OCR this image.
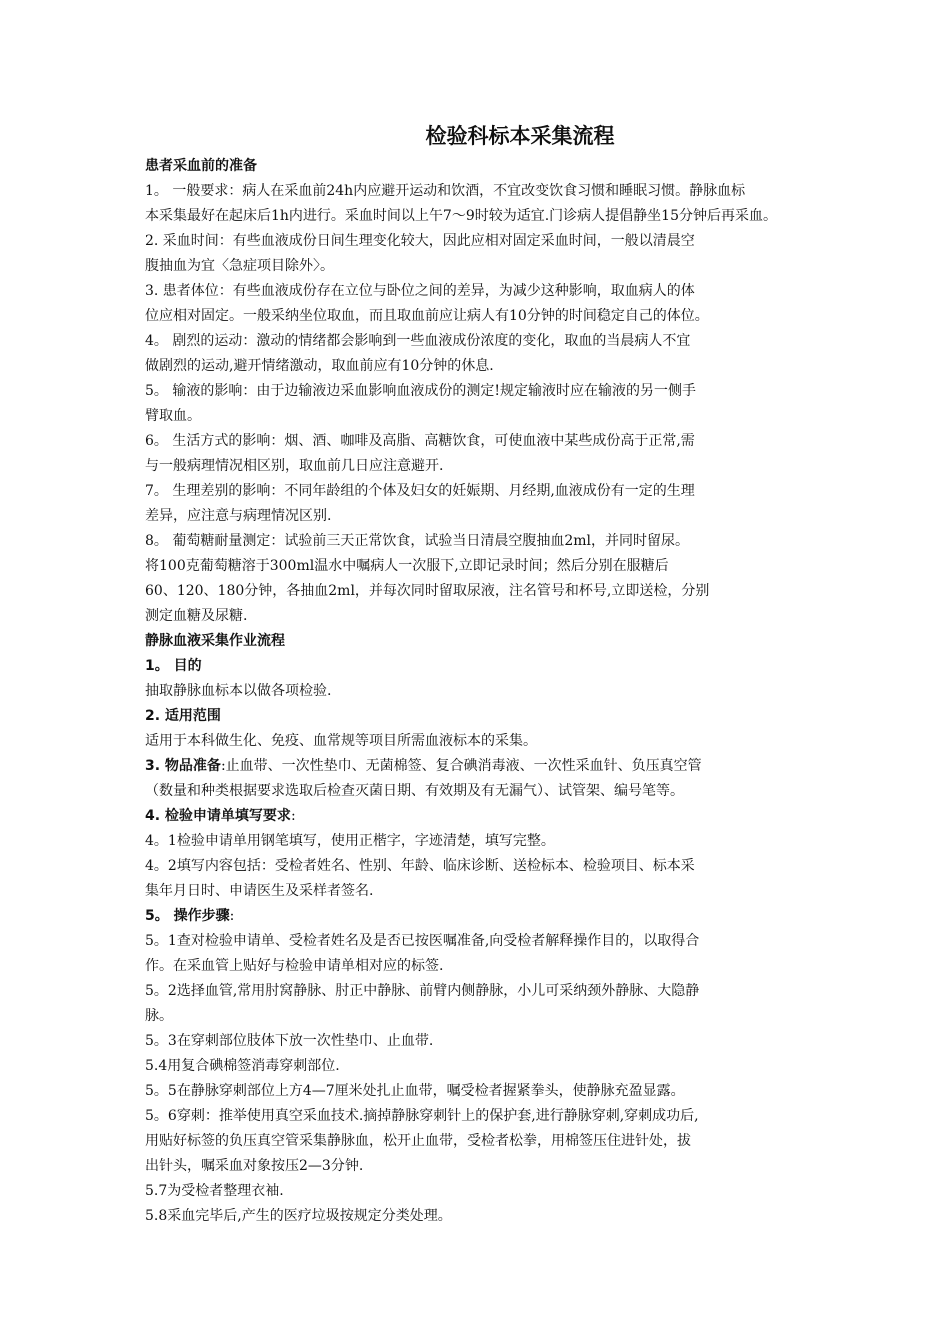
检验科标本采集流程
患者采血前的准备
1。 一般要求：病人在采血前24h内应避开运动和饮酒，不宜改变饮食习惯和睡眠习惯。静脉血标
本采集最好在起床后1h内进行。采血时间以上午7～9时较为适宜.门诊病人提倡静坐15分钟后再采血。
2. 采血时间：有些血液成份日间生理变化较大，因此应相对固定采血时间，一般以清晨空
腹抽血为宜〈急症项目除外〉。
3. 患者体位：有些血液成份存在立位与卧位之间的差异，为减少这种影响，取血病人的体
位应相对固定。一般采纳坐位取血，而且取血前应让病人有10分钟的时间稳定自己的体位。
4。 剧烈的运动：激动的情绪都会影响到一些血液成份浓度的变化，取血的当晨病人不宜
做剧烈的运动,避开情绪激动，取血前应有10分钟的休息.
5。 输液的影响：由于边输液边采血影响血液成份的测定!规定输液时应在输液的另一侧手
臂取血。
6。 生活方式的影响：烟、酒、咖啡及高脂、高糖饮食，可使血液中某些成份高于正常,需
与一般病理情况相区别，取血前几日应注意避开.
7。 生理差别的影响：不同年龄组的个体及妇女的妊娠期、月经期,血液成份有一定的生理
差异，应注意与病理情况区别.
8。 葡萄糖耐量测定：试验前三天正常饮食，试验当日清晨空腹抽血2ml，并同时留尿。
将100克葡萄糖溶于300ml温水中嘱病人一次服下,立即记录时间；然后分别在服糖后
60、120、180分钟，各抽血2ml，并每次同时留取尿液，注名管号和杯号,立即送检，分别
测定血糖及尿糖.
静脉血液采集作业流程
1。 目的
抽取静脉血标本以做各项检验.
2. 适用范围
适用于本科做生化、免疫、血常规等项目所需血液标本的采集。
3. 物品准备:止血带、一次性垫巾、无菌棉签、复合碘消毒液、一次性采血针、负压真空管
（数量和种类根据要求选取后检查灭菌日期、有效期及有无漏气）、试管架、编号笔等。
4. 检验申请单填写要求:
4。1检验申请单用钢笔填写，使用正楷字，字迹清楚，填写完整。
4。2填写内容包括：受检者姓名、性别、年龄、临床诊断、送检标本、检验项目、标本采
集年月日时、申请医生及采样者签名.
5。 操作步骤:
5。1查对检验申请单、受检者姓名及是否已按医嘱准备,向受检者解释操作目的，以取得合
作。在采血管上贴好与检验申请单相对应的标签.
5。2选择血管,常用肘窝静脉、肘正中静脉、前臂内侧静脉，小儿可采纳颈外静脉、大隐静
脉。
5。3在穿刺部位肢体下放一次性垫巾、止血带.
5.4用复合碘棉签消毒穿刺部位.
5。5在静脉穿刺部位上方4—7厘米处扎止血带，嘱受检者握紧拳头，使静脉充盈显露。
5。6穿刺：推举使用真空采血技术.摘掉静脉穿刺针上的保护套,进行静脉穿刺,穿刺成功后,
用贴好标签的负压真空管采集静脉血，松开止血带，受检者松拳，用棉签压住进针处，拔
出针头，嘱采血对象按压2—3分钟.
5.7为受检者整理衣袖.
5.8采血完毕后,产生的医疗垃圾按规定分类处理。
